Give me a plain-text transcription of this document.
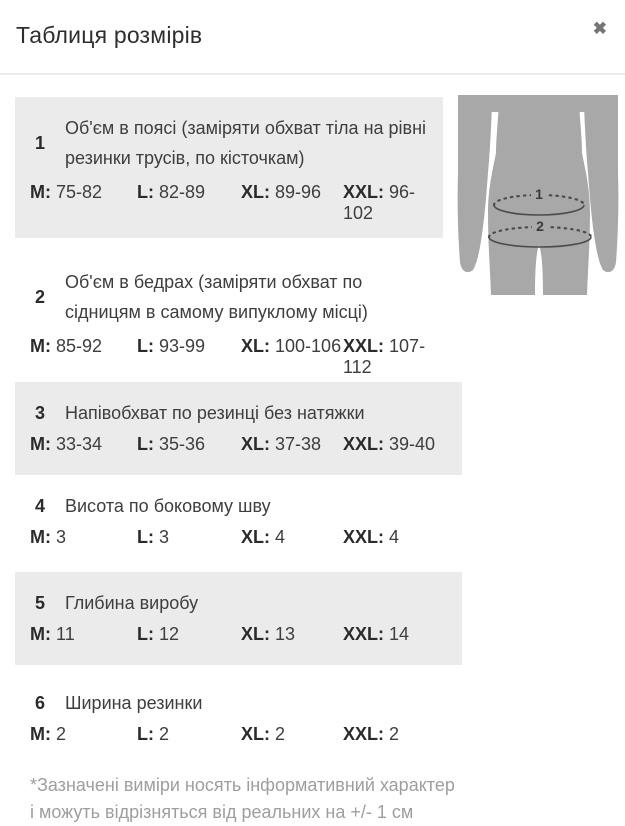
Таблиця розмірів	✖
1
Об'єм в поясі (заміряти обхват тіла на рівні резинки трусів, по кісточкам)
M: 75-82	L: 82-89	XL: 89-96	XXL: 96-102
2
Об'єм в бедрах (заміряти обхват по сідницям в самому випуклому місці)
M: 85-92	L: 93-99	XL: 100-106 XXL: 107-112
3	Напівобхват по резинці без натяжки
M: 33-34	L: 35-36	XL: 37-38	XXL: 39-40
4	Висота по боковому шву
M: 3	L: 3	XL: 4	XXL: 4
5	Глибина виробу
M: 11	L: 12	XL: 13	XXL: 14
6	Ширина резинки
M: 2	L: 2	XL: 2	XXL: 2
*Зазначені виміри носять інформативний характер
і можуть відрізняться від реальних на +/- 1 см
1
2
